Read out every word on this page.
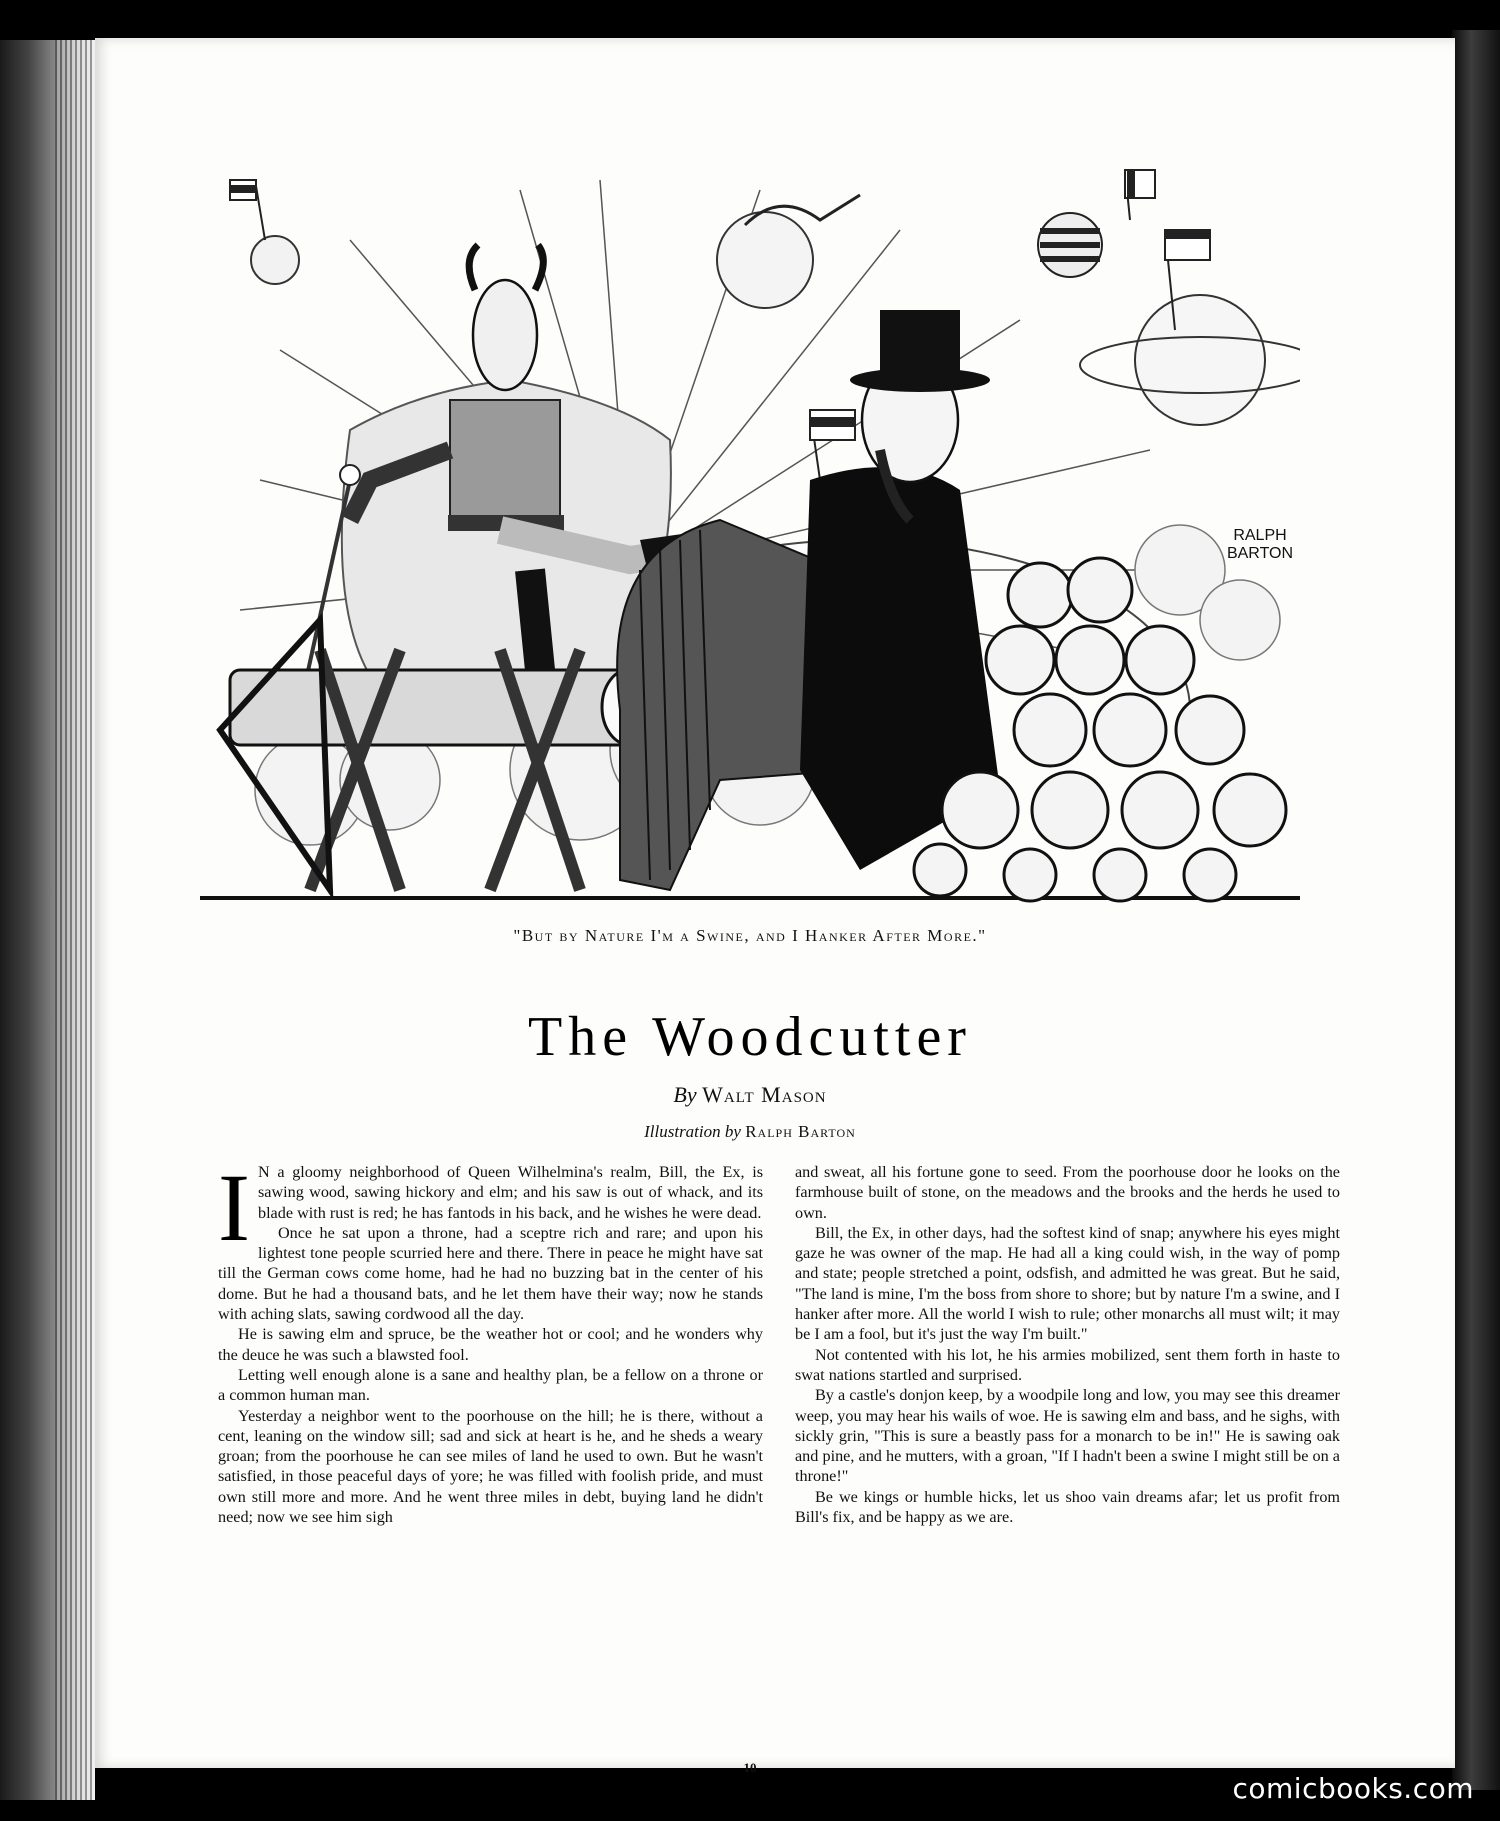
RALPH
BARTON
"But by Nature I'm a Swine, and I Hanker After More."
The Woodcutter
By Walt Mason
Illustration by Ralph Barton

I N a gloomy neighborhood of Queen Wilhelmina's realm, Bill, the Ex, is sawing wood, sawing hickory and elm; and his saw is out of whack, and its blade with rust is red; he has fantods in his back, and he wishes he were dead.

Once he sat upon a throne, had a sceptre rich and rare; and upon his lightest tone people scurried here and there. There in peace he might have sat till the German cows come home, had he had no buzzing bat in the center of his dome. But he had a thousand bats, and he let them have their way; now he stands with aching slats, sawing cordwood all the day.

He is sawing elm and spruce, be the weather hot or cool; and he wonders why the deuce he was such a blawsted fool.

Letting well enough alone is a sane and healthy plan, be a fellow on a throne or a common human man.

Yesterday a neighbor went to the poorhouse on the hill; he is there, without a cent, leaning on the window sill; sad and sick at heart is he, and he sheds a weary groan; from the poorhouse he can see miles of land he used to own. But he wasn't satisfied, in those peaceful days of yore; he was filled with foolish pride, and must own still more and more. And he went three miles in debt, buying land he didn't need; now we see him sigh

and sweat, all his fortune gone to seed. From the poorhouse door he looks on the farmhouse built of stone, on the meadows and the brooks and the herds he used to own.

Bill, the Ex, in other days, had the softest kind of snap; anywhere his eyes might gaze he was owner of the map. He had all a king could wish, in the way of pomp and state; people stretched a point, odsfish, and admitted he was great. But he said, "The land is mine, I'm the boss from shore to shore; but by nature I'm a swine, and I hanker after more. All the world I wish to rule; other monarchs all must wilt; it may be I am a fool, but it's just the way I'm built."

Not contented with his lot, he his armies mobilized, sent them forth in haste to swat nations startled and surprised.

By a castle's donjon keep, by a woodpile long and low, you may see this dreamer weep, you may hear his wails of woe. He is sawing elm and bass, and he sighs, with sickly grin, "This is sure a beastly pass for a monarch to be in!" He is sawing oak and pine, and he mutters, with a groan, "If I hadn't been a swine I might still be on a throne!"

Be we kings or humble hicks, let us shoo vain dreams afar; let us profit from Bill's fix, and be happy as we are.

10
comicbooks.com
